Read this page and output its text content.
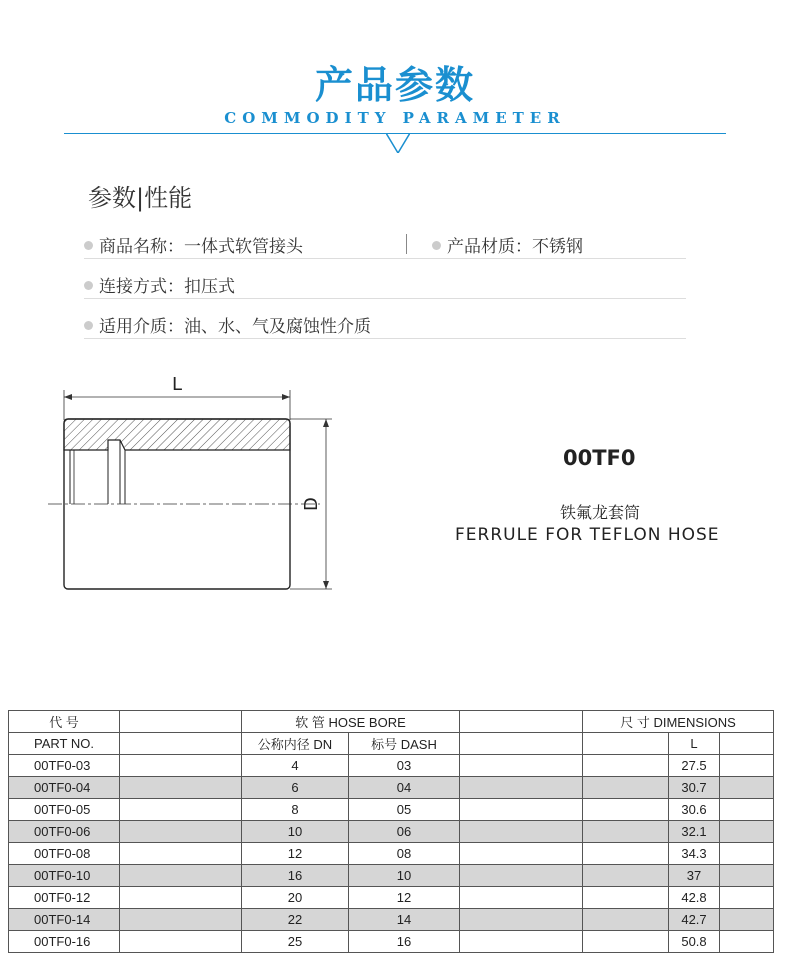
产品参数
COMMODITY PARAMETER
参数|性能
商品名称：一体式软管接头	产品材质：不锈钢
连接方式：扣压式
适用介质：油、水、气及腐蚀性介质
L
D
00TF0
铁氟龙套筒
FERRULE FOR TEFLON HOSE
代 号		软 管 HOSE BORE			尺 寸 DIMENSIONS		
PART NO.		公称内径 DN	标号 DASH			L	
00TF0-03		4	03			27.5	
00TF0-04		6	04			30.7	
00TF0-05		8	05			30.6	
00TF0-06		10	06			32.1	
00TF0-08		12	08			34.3	
00TF0-10		16	10			37	
00TF0-12		20	12			42.8	
00TF0-14		22	14			42.7	
00TF0-16		25	16			50.8	
